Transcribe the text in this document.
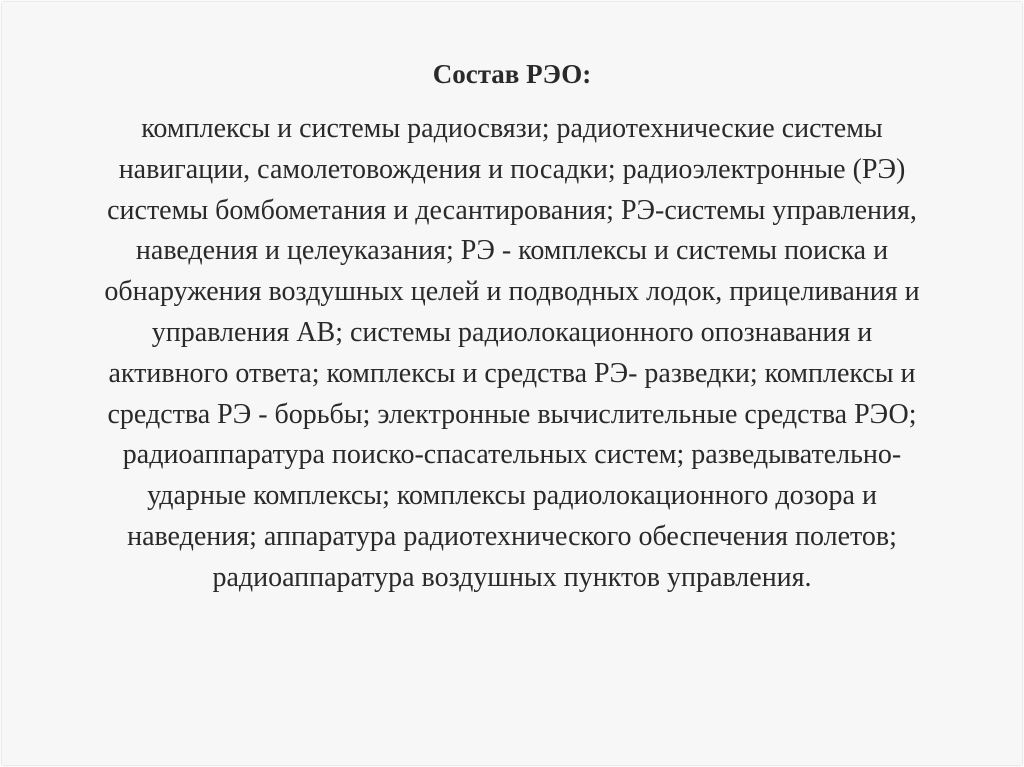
Состав РЭО:
комплексы и системы радиосвязи; радиотехнические системы
навигации, самолетовождения и посадки; радиоэлектронные (РЭ)
системы бомбометания и десантирования; РЭ-системы управления,
наведения и целеуказания; РЭ - комплексы и системы поиска и
обнаружения воздушных целей и подводных лодок, прицеливания и
управления АВ; системы радиолокационного опознавания и
активного ответа; комплексы и средства РЭ- разведки; комплексы и
средства РЭ - борьбы; электронные вычислительные средства РЭО;
радиоаппаратура поиско-спасательных систем; разведывательно-
ударные комплексы; комплексы радиолокационного дозора и
наведения; аппаратура радиотехнического обеспечения полетов;
радиоаппаратура воздушных пунктов управления.
